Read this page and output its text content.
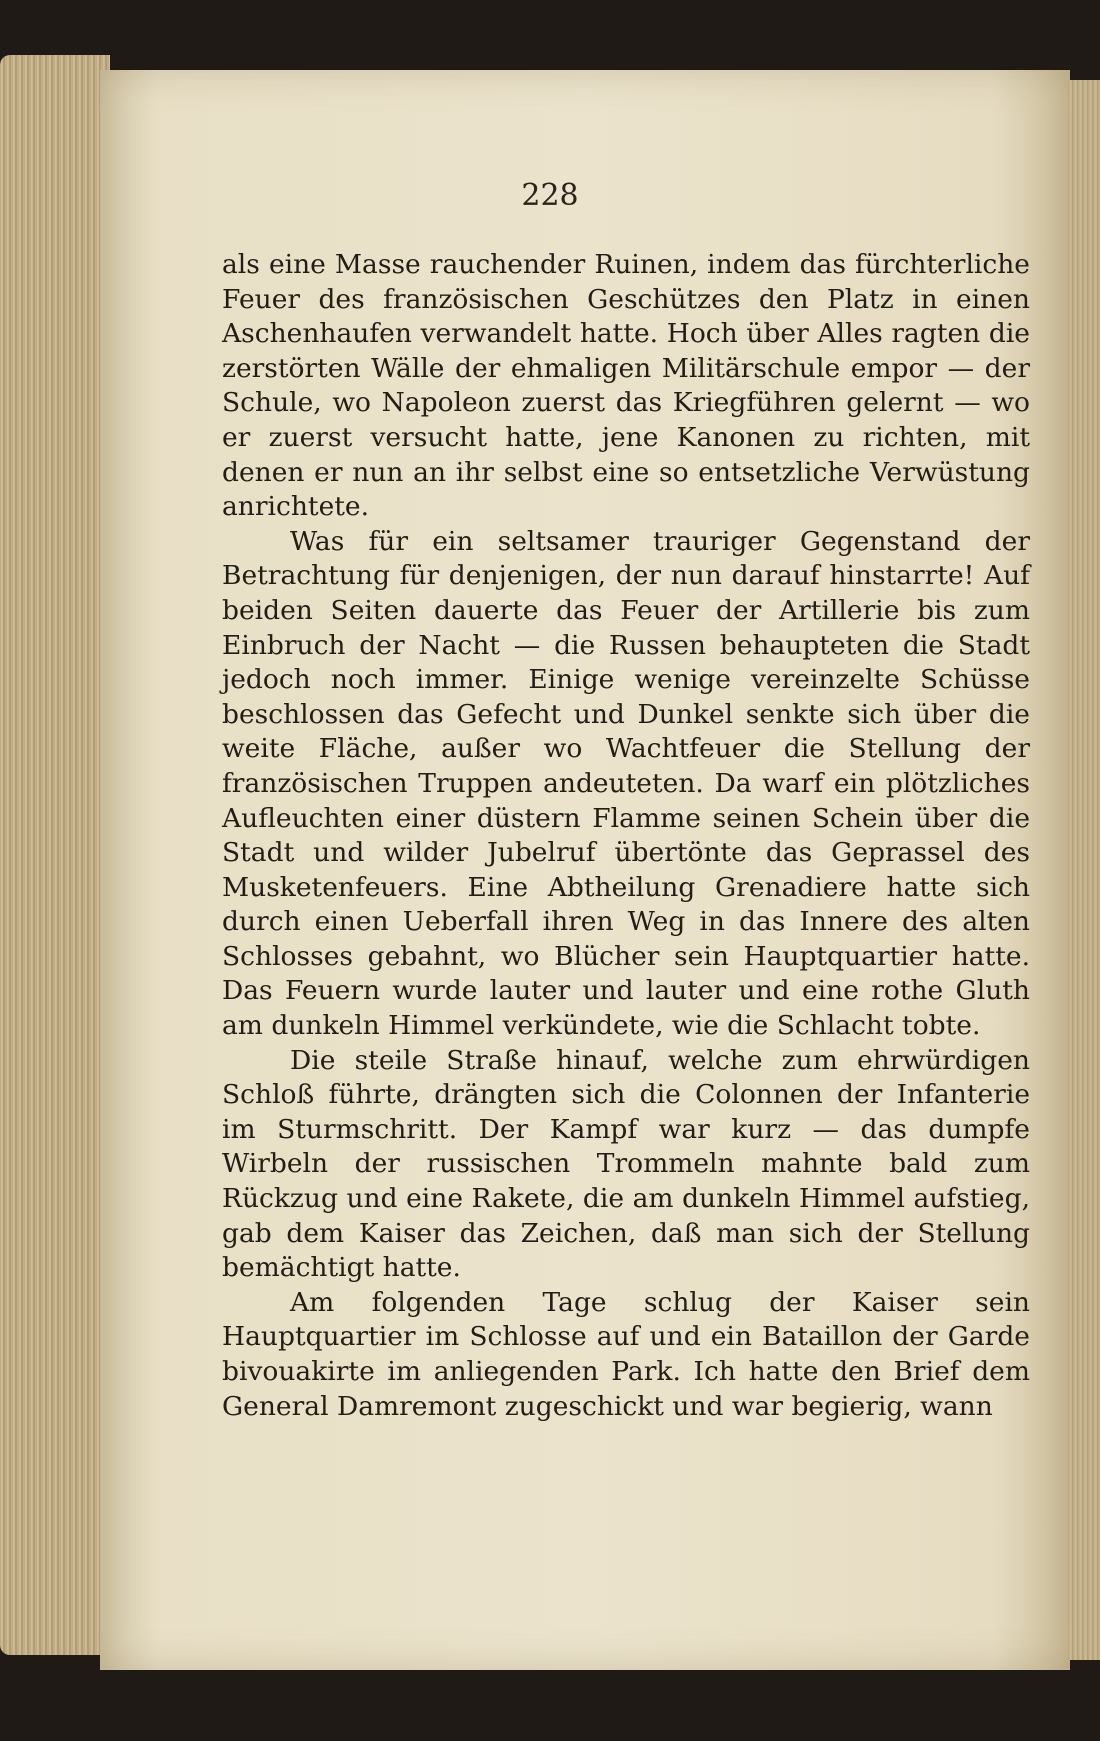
228

als eine Masse rauchender Ruinen, indem das fürchterliche Feuer des französischen Geschützes den Platz in einen Aschenhaufen verwandelt hatte. Hoch über Alles ragten die zerstörten Wälle der ehmaligen Militärschule empor — der Schule, wo Napoleon zuerst das Kriegführen gelernt — wo er zuerst versucht hatte, jene Kanonen zu richten, mit denen er nun an ihr selbst eine so entsetzliche Verwüstung anrichtete.

Was für ein seltsamer trauriger Gegenstand der Betrachtung für denjenigen, der nun darauf hinstarrte! Auf beiden Seiten dauerte das Feuer der Artillerie bis zum Einbruch der Nacht — die Russen behaupteten die Stadt jedoch noch immer. Einige wenige vereinzelte Schüsse beschlossen das Gefecht und Dunkel senkte sich über die weite Fläche, außer wo Wachtfeuer die Stellung der französischen Truppen andeuteten. Da warf ein plötzliches Aufleuchten einer düstern Flamme seinen Schein über die Stadt und wilder Jubelruf übertönte das Geprassel des Musketenfeuers. Eine Abtheilung Grenadiere hatte sich durch einen Ueberfall ihren Weg in das Innere des alten Schlosses gebahnt, wo Blücher sein Hauptquartier hatte. Das Feuern wurde lauter und lauter und eine rothe Gluth am dunkeln Himmel verkündete, wie die Schlacht tobte.

Die steile Straße hinauf, welche zum ehrwürdigen Schloß führte, drängten sich die Colonnen der Infanterie im Sturmschritt. Der Kampf war kurz — das dumpfe Wirbeln der russischen Trommeln mahnte bald zum Rückzug und eine Rakete, die am dunkeln Himmel aufstieg, gab dem Kaiser das Zeichen, daß man sich der Stellung bemächtigt hatte.

Am folgenden Tage schlug der Kaiser sein Hauptquartier im Schlosse auf und ein Bataillon der Garde bivouakirte im anliegenden Park. Ich hatte den Brief dem General Damremont zugeschickt und war begierig, wann
